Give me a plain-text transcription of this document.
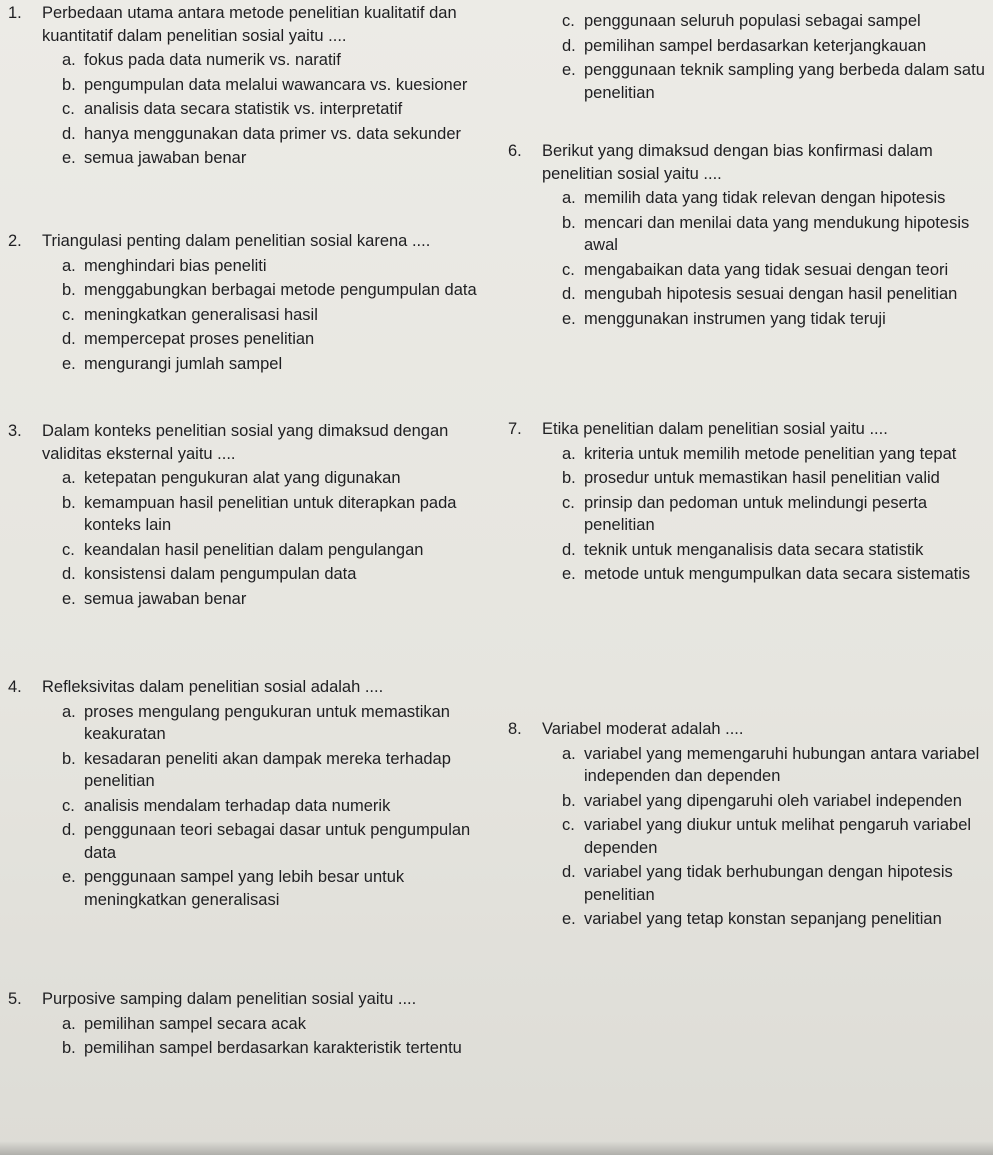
1. Perbedaan utama antara metode penelitian kualitatif dan kuantitatif dalam penelitian sosial yaitu ....
a. fokus pada data numerik vs. naratif
b. pengumpulan data melalui wawancara vs. kuesioner
c. analisis data secara statistik vs. interpretatif
d. hanya menggunakan data primer vs. data sekunder
e. semua jawaban benar
2. Triangulasi penting dalam penelitian sosial karena ....
a. menghindari bias peneliti
b. menggabungkan berbagai metode pengumpulan data
c. meningkatkan generalisasi hasil
d. mempercepat proses penelitian
e. mengurangi jumlah sampel
3. Dalam konteks penelitian sosial yang dimaksud dengan validitas eksternal yaitu ....
a. ketepatan pengukuran alat yang digunakan
b. kemampuan hasil penelitian untuk diterapkan pada konteks lain
c. keandalan hasil penelitian dalam pengulangan
d. konsistensi dalam pengumpulan data
e. semua jawaban benar
4. Refleksivitas dalam penelitian sosial adalah ....
a. proses mengulang pengukuran untuk memastikan keakuratan
b. kesadaran peneliti akan dampak mereka terhadap penelitian
c. analisis mendalam terhadap data numerik
d. penggunaan teori sebagai dasar untuk pengumpulan data
e. penggunaan sampel yang lebih besar untuk meningkatkan generalisasi
5. Purposive samping dalam penelitian sosial yaitu ....
a. pemilihan sampel secara acak
b. pemilihan sampel berdasarkan karakteristik tertentu
c. penggunaan seluruh populasi sebagai sampel
d. pemilihan sampel berdasarkan keterjangkauan
e. penggunaan teknik sampling yang berbeda dalam satu penelitian
6. Berikut yang dimaksud dengan bias konfirmasi dalam penelitian sosial yaitu ....
a. memilih data yang tidak relevan dengan hipotesis
b. mencari dan menilai data yang mendukung hipotesis awal
c. mengabaikan data yang tidak sesuai dengan teori
d. mengubah hipotesis sesuai dengan hasil penelitian
e. menggunakan instrumen yang tidak teruji
7. Etika penelitian dalam penelitian sosial yaitu ....
a. kriteria untuk memilih metode penelitian yang tepat
b. prosedur untuk memastikan hasil penelitian valid
c. prinsip dan pedoman untuk melindungi peserta penelitian
d. teknik untuk menganalisis data secara statistik
e. metode untuk mengumpulkan data secara sistematis
8. Variabel moderat adalah ....
a. variabel yang memengaruhi hubungan antara variabel independen dan dependen
b. variabel yang dipengaruhi oleh variabel independen
c. variabel yang diukur untuk melihat pengaruh variabel dependen
d. variabel yang tidak berhubungan dengan hipotesis penelitian
e. variabel yang tetap konstan sepanjang penelitian
